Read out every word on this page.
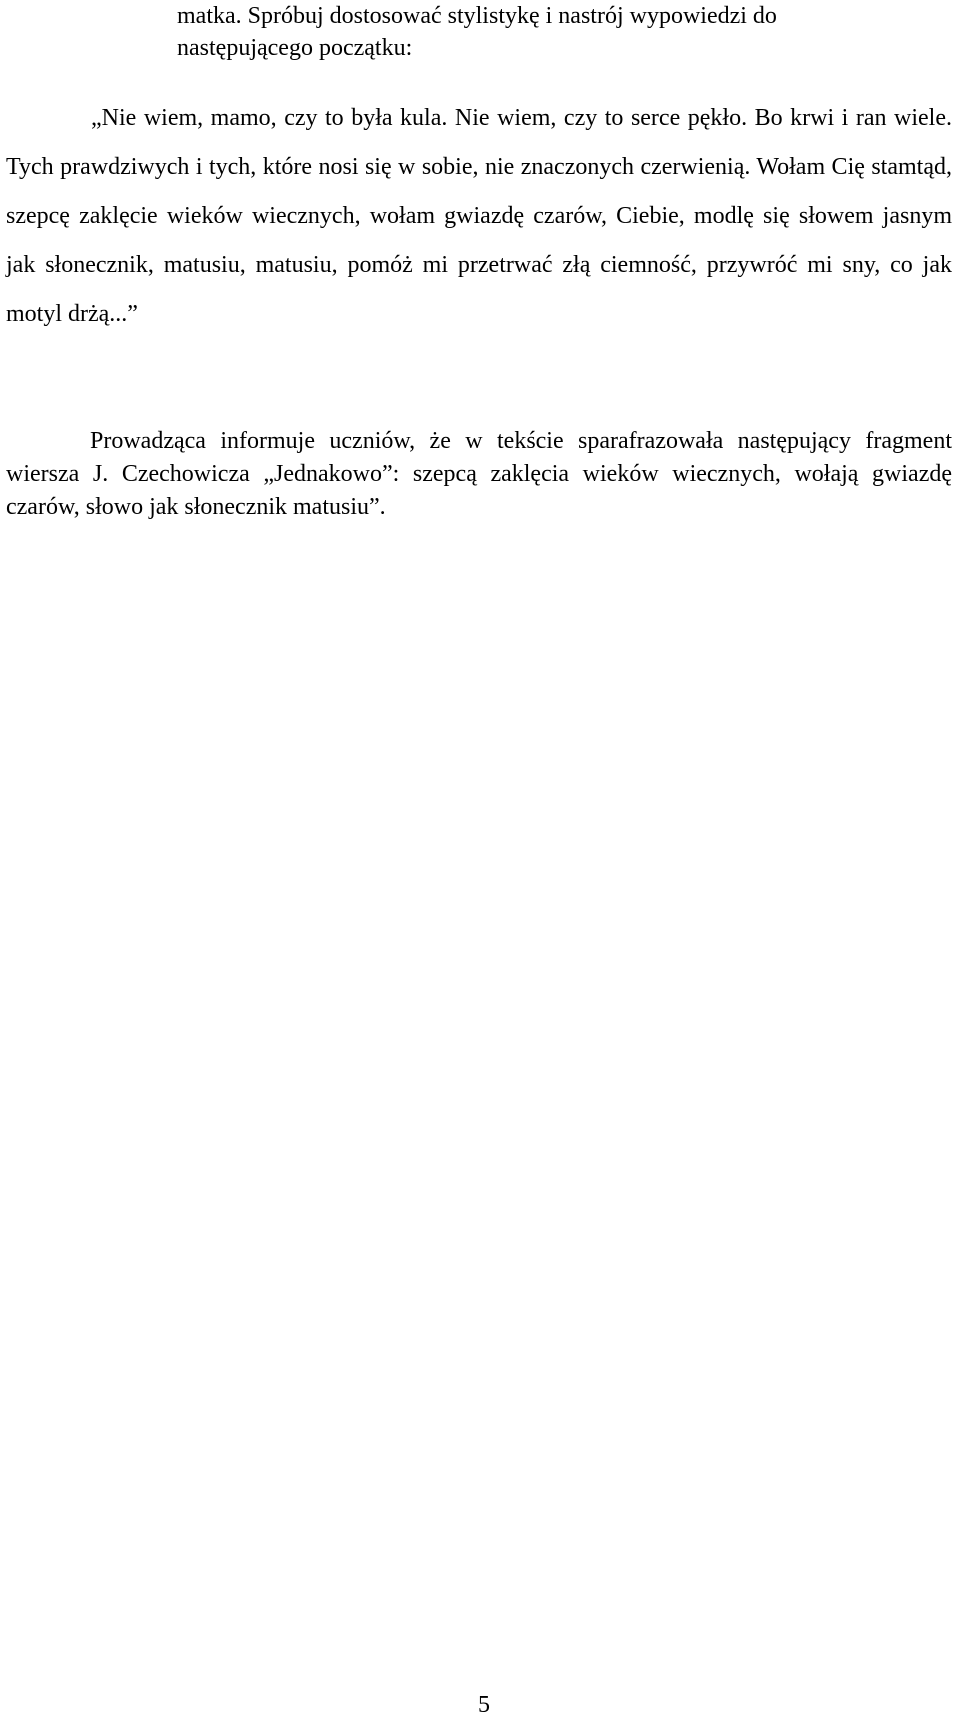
matka. Spróbuj dostosować stylistykę i nastrój wypowiedzi do

następującego początku:

„Nie wiem, mamo, czy to była kula. Nie wiem, czy to serce pękło. Bo krwi i ran wiele. Tych prawdziwych i tych, które nosi się w sobie, nie znaczonych czerwienią. Wołam Cię stamtąd, szepcę zaklęcie wieków wiecznych, wołam gwiazdę czarów, Ciebie, modlę się słowem jasnym jak słonecznik, matusiu, matusiu, pomóż mi przetrwać złą ciemność, przywróć mi sny, co jak motyl drżą...”

Prowadząca informuje uczniów, że w tekście sparafrazowała następujący fragment wiersza J. Czechowicza „Jednakowo”: szepcą zaklęcia wieków wiecznych, wołają gwiazdę czarów, słowo jak słonecznik matusiu”.

5
